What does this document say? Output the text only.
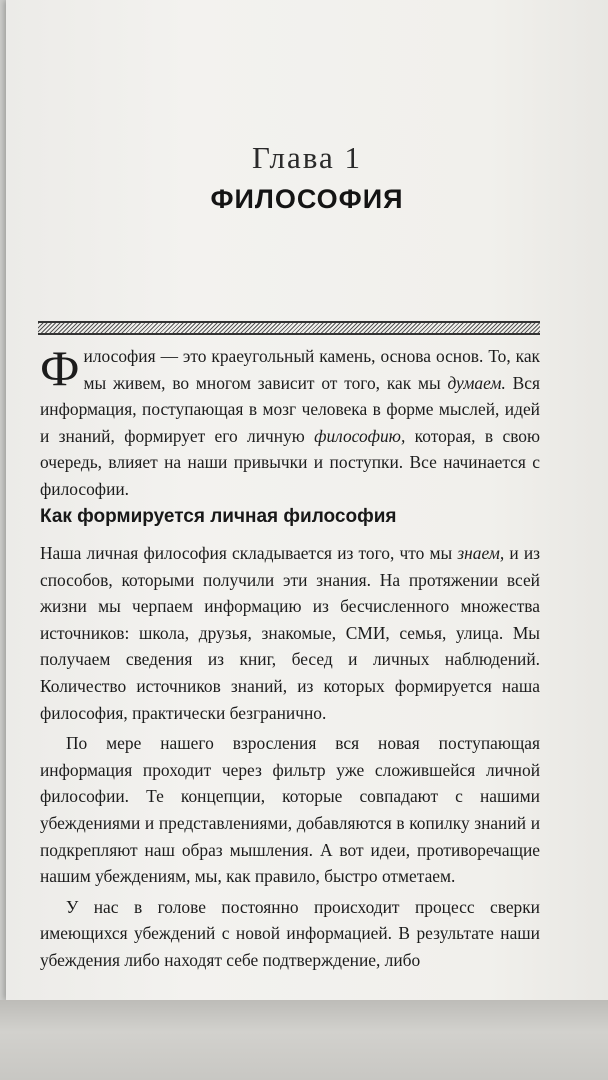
Глава 1
ФИЛОСОФИЯ
Философия — это краеугольный камень, основа основ. То, как мы живем, во многом зависит от того, как мы думаем. Вся информация, поступающая в мозг человека в форме мыслей, идей и знаний, формирует его личную философию, которая, в свою очередь, влияет на наши привычки и поступки. Все начинается с философии.
Как формируется личная философия

Наша личная философия складывается из того, что мы знаем, и из способов, которыми получили эти знания. На протяжении всей жизни мы черпаем информацию из бесчисленного множества источников: школа, друзья, знакомые, СМИ, семья, улица. Мы получаем сведения из книг, бесед и личных наблюдений. Количество источников знаний, из которых формируется наша философия, практически безгранично.

По мере нашего взросления вся новая поступающая информация проходит через фильтр уже сложившейся личной философии. Те концепции, которые совпадают с нашими убеждениями и представлениями, добавляются в копилку знаний и подкрепляют наш образ мышления. А вот идеи, противоречащие нашим убеждениям, мы, как правило, быстро отметаем.

У нас в голове постоянно происходит процесс сверки имеющихся убеждений с новой информацией. В результате наши убеждения либо находят себе подтверждение, либо
